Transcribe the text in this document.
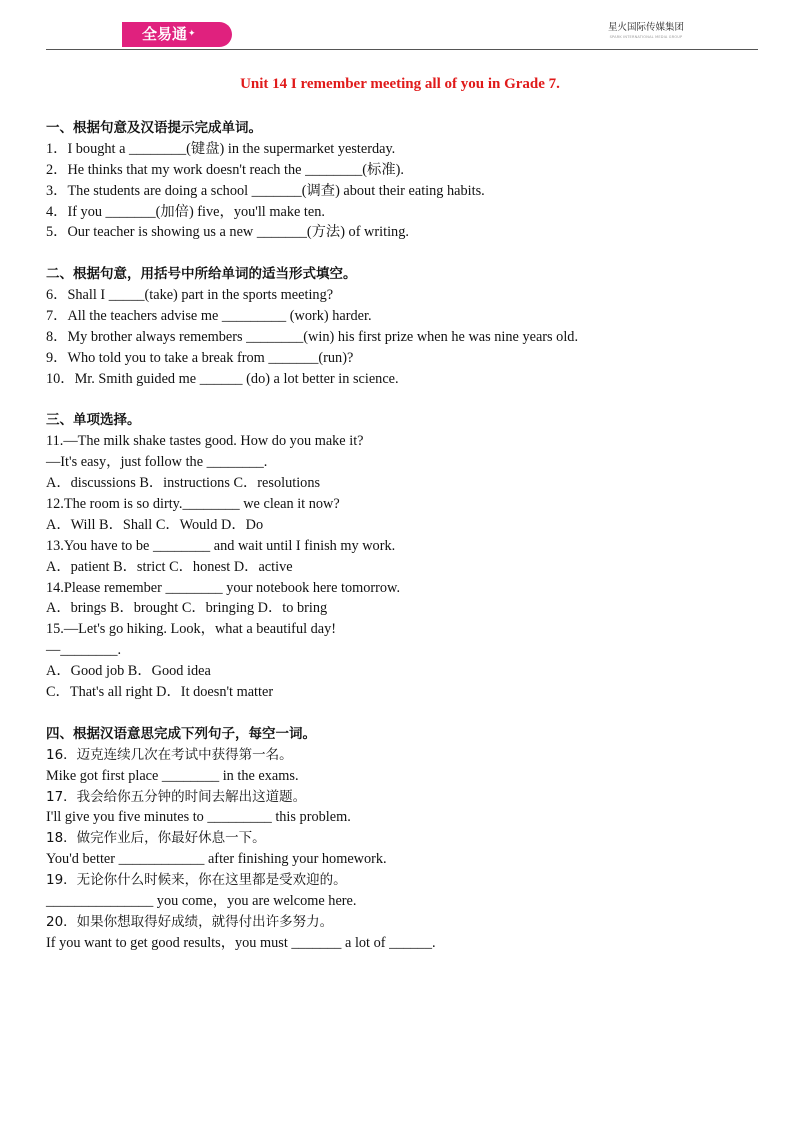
全易通✦
星火国际传媒集团
SPARK INTERNATIONAL MEDIA GROUP
Unit 14 I remember meeting all of you in Grade 7.
一、根据句意及汉语提示完成单词。
1．I bought a ________(键盘) in the supermarket yesterday.
2．He thinks that my work doesn't reach the ________(标准).
3．The students are doing a school _______(调查) about their eating habits.
4．If you _______(加倍) five，you'll make ten.
5．Our teacher is showing us a new _______(方法) of writing.
二、根据句意，用括号中所给单词的适当形式填空。
6．Shall I _____(take) part in the sports meeting?
7．All the teachers advise me _________ (work) harder.
8．My brother always remembers ________(win) his first prize when he was nine years old.
9．Who told you to take a break from _______(run)?
10．Mr. Smith guided me ______ (do) a lot better in science.
三、单项选择。
11.—The milk shake tastes good. How do you make it?
—It's easy，just follow the ________.
A．discussions B．instructions C．resolutions
12.The room is so dirty.________ we clean it now?
A．Will B．Shall C．Would D．Do
13.You have to be ________ and wait until I finish my work.
A．patient B．strict C．honest D．active
14.Please remember ________ your notebook here tomorrow.
A．brings B．brought C．bringing D．to bring
15.—Let's go hiking. Look，what a beautiful day!
—________.
A．Good job B．Good idea
C．That's all right D．It doesn't matter
四、根据汉语意思完成下列句子，每空一词。
16．迈克连续几次在考试中获得第一名。
Mike got first place ________ in the exams.
17．我会给你五分钟的时间去解出这道题。
I'll give you five minutes to _________ this problem.
18．做完作业后，你最好休息一下。
You'd better ____________ after finishing your homework.
19．无论你什么时候来，你在这里都是受欢迎的。
_______________ you come，you are welcome here.
20．如果你想取得好成绩，就得付出许多努力。
If you want to get good results，you must _______ a lot of ______.
